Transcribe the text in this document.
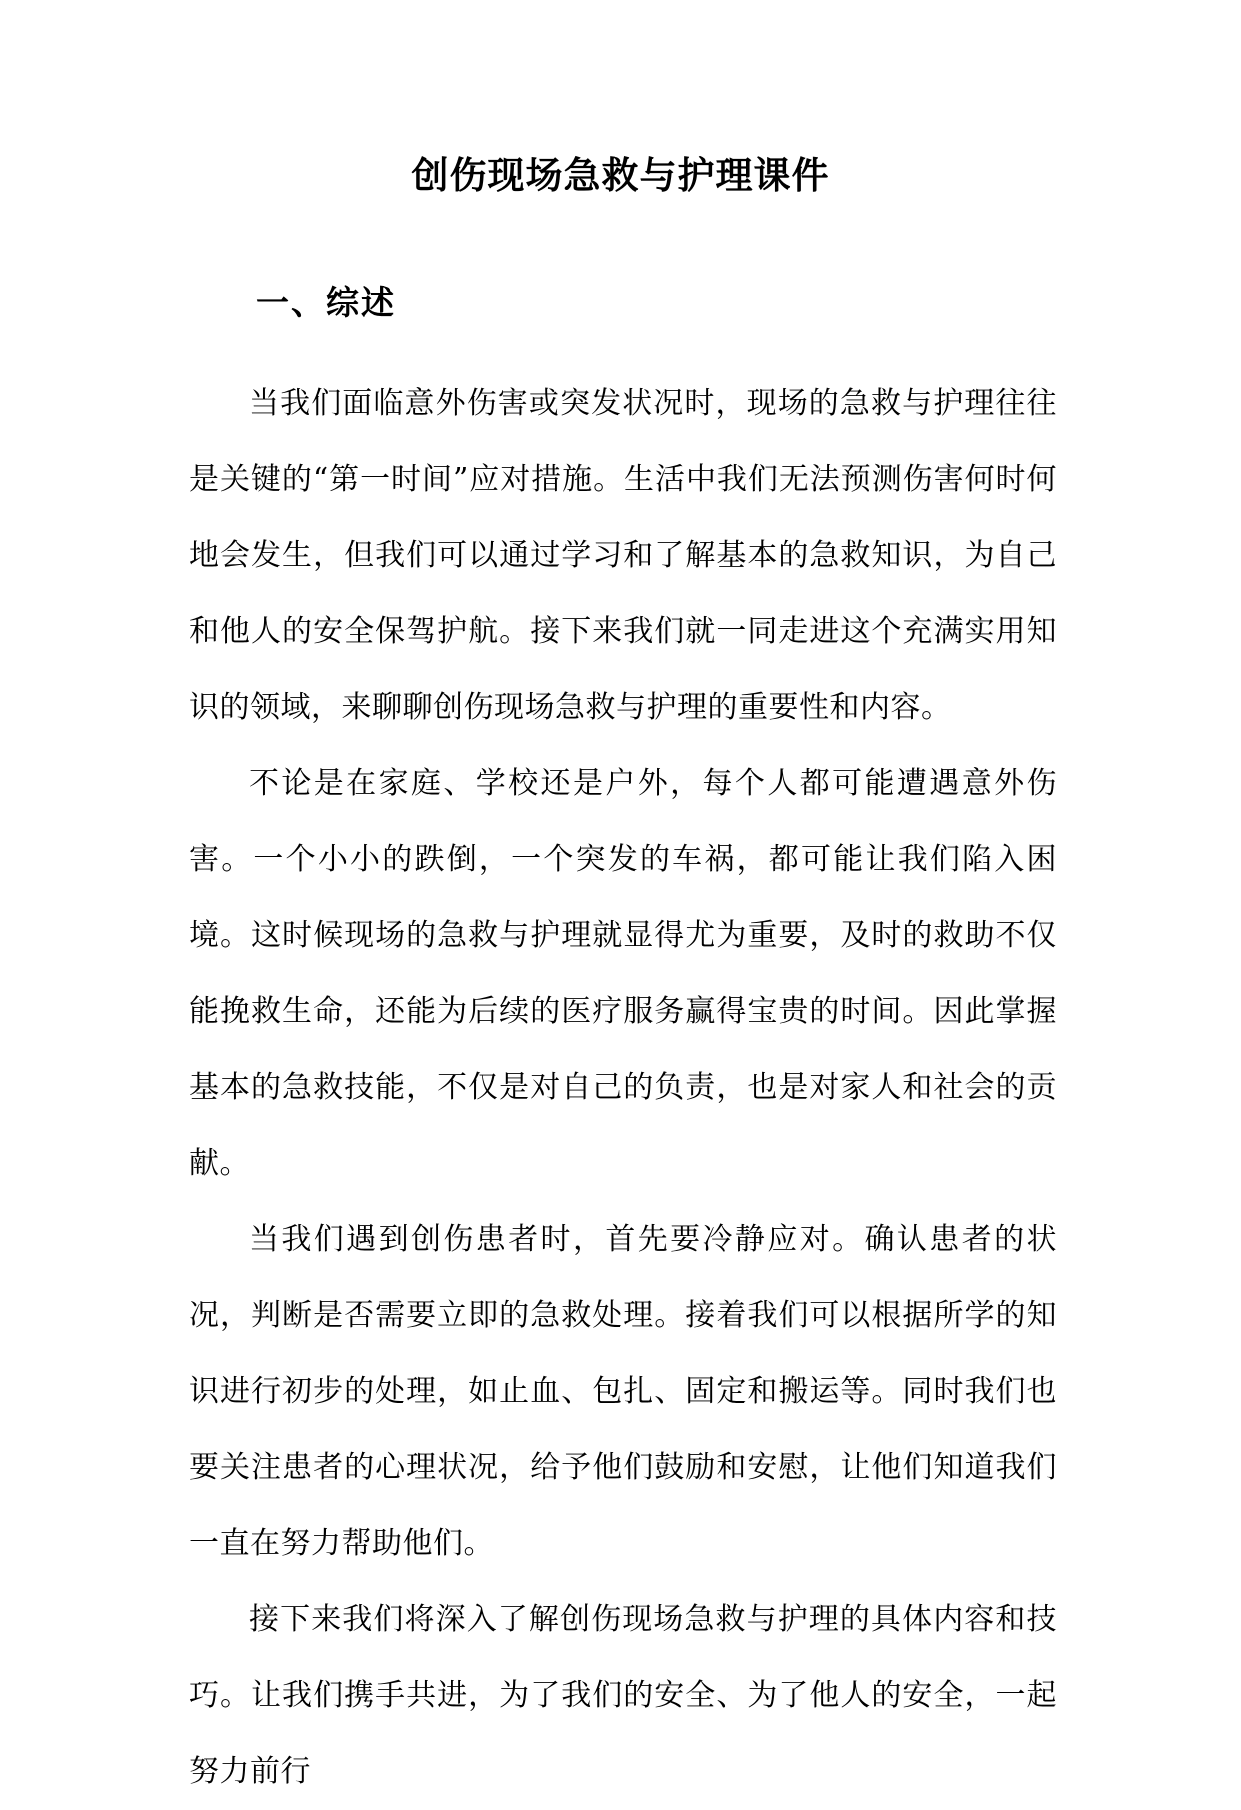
创伤现场急救与护理课件
一、综述

当我们面临意外伤害或突发状况时，现场的急救与护理往往是关键的“第一时间”应对措施。生活中我们无法预测伤害何时何地会发生，但我们可以通过学习和了解基本的急救知识，为自己和他人的安全保驾护航。接下来我们就一同走进这个充满实用知识的领域，来聊聊创伤现场急救与护理的重要性和内容。

不论是在家庭、学校还是户外，每个人都可能遭遇意外伤害。一个小小的跌倒，一个突发的车祸，都可能让我们陷入困境。这时候现场的急救与护理就显得尤为重要，及时的救助不仅能挽救生命，还能为后续的医疗服务赢得宝贵的时间。因此掌握基本的急救技能，不仅是对自己的负责，也是对家人和社会的贡献。

当我们遇到创伤患者时，首先要冷静应对。确认患者的状况，判断是否需要立即的急救处理。接着我们可以根据所学的知识进行初步的处理，如止血、包扎、固定和搬运等。同时我们也要关注患者的心理状况，给予他们鼓励和安慰，让他们知道我们一直在努力帮助他们。

接下来我们将深入了解创伤现场急救与护理的具体内容和技巧。让我们携手共进，为了我们的安全、为了他人的安全，一起努力前行
